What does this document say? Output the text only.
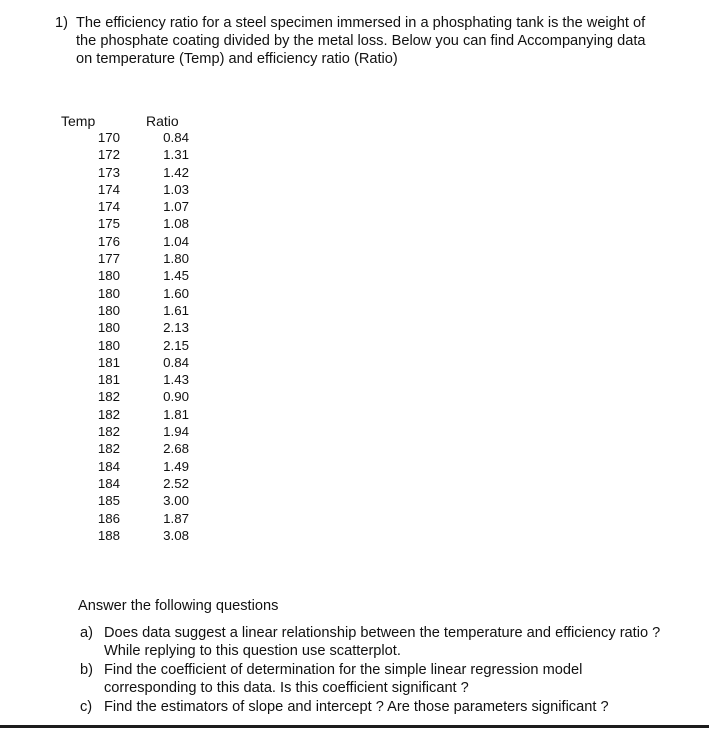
1) The efficiency ratio for a steel specimen immersed in a phosphating tank is the weight of the phosphate coating divided by the metal loss. Below you can find Accompanying data on temperature (Temp) and efficiency ratio (Ratio)
Temp	Ratio
170
172
173
174
174
175
176
177
180
180
180
180
180
181
181
182
182
182
182
184
184
185
186
188
0.84
1.31
1.42
1.03
1.07
1.08
1.04
1.80
1.45
1.60
1.61
2.13
2.15
0.84
1.43
0.90
1.81
1.94
2.68
1.49
2.52
3.00
1.87
3.08
Answer the following questions
a) Does data suggest a linear relationship between the temperature and efficiency ratio ? While replying to this question use scatterplot.
b) Find the coefficient of determination for the simple linear regression model corresponding to this data. Is this coefficient significant ?
c) Find the estimators of slope and intercept ? Are those parameters significant ?
